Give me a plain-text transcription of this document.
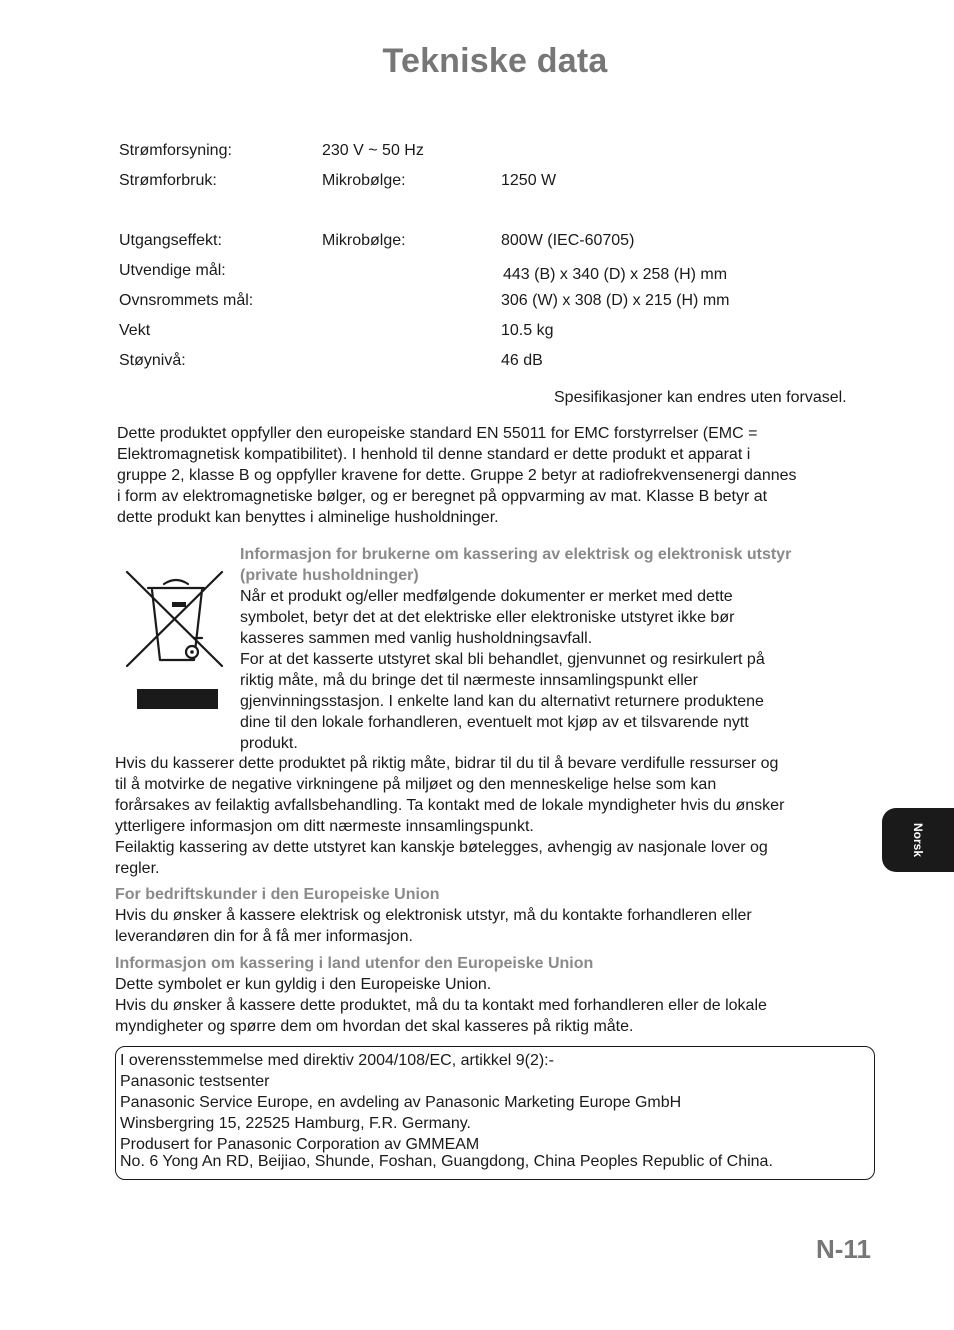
Tekniske data
Strømforsyning:	230 V ~ 50 Hz
Strømforbruk:	Mikrobølge:	1250 W
Utgangseffekt:	Mikrobølge:	800W (IEC-60705)
Utvendige mål:	443 (B) x 340 (D) x 258 (H) mm
Ovnsrommets mål:	306 (W) x 308 (D) x 215 (H) mm
Vekt	10.5 kg
Støynivå:	46 dB
Spesifikasjoner kan endres uten forvasel.
Dette produktet oppfyller den europeiske standard EN 55011 for EMC forstyrrelser (EMC =
Elektromagnetisk kompatibilitet). I henhold til denne standard er dette produkt et apparat i
gruppe 2, klasse B og oppfyller kravene for dette. Gruppe 2 betyr at radiofrekvensenergi dannes
i form av elektromagnetiske bølger, og er beregnet på oppvarming av mat. Klasse B betyr at
dette produkt kan benyttes i alminelige husholdninger.
Informasjon for brukerne om kassering av elektrisk og elektronisk utstyr
(private husholdninger)
Når et produkt og/eller medfølgende dokumenter er merket med dette
symbolet, betyr det at det elektriske eller elektroniske utstyret ikke bør
kasseres sammen med vanlig husholdningsavfall.
For at det kasserte utstyret skal bli behandlet, gjenvunnet og resirkulert på
riktig måte, må du bringe det til nærmeste innsamlingspunkt eller
gjenvinningsstasjon. I enkelte land kan du alternativt returnere produktene
dine til den lokale forhandleren, eventuelt mot kjøp av et tilsvarende nytt
produkt.
Hvis du kasserer dette produktet på riktig måte, bidrar til du til å bevare verdifulle ressurser og
til å motvirke de negative virkningene på miljøet og den menneskelige helse som kan
forårsakes av feilaktig avfallsbehandling. Ta kontakt med de lokale myndigheter hvis du ønsker
ytterligere informasjon om ditt nærmeste innsamlingspunkt.
Feilaktig kassering av dette utstyret kan kanskje bøtelegges, avhengig av nasjonale lover og
regler.
For bedriftskunder i den Europeiske Union
Hvis du ønsker å kassere elektrisk og elektronisk utstyr, må du kontakte forhandleren eller
leverandøren din for å få mer informasjon.
Informasjon om kassering i land utenfor den Europeiske Union
Dette symbolet er kun gyldig i den Europeiske Union.
Hvis du ønsker å kassere dette produktet, må du ta kontakt med forhandleren eller de lokale
myndigheter og spørre dem om hvordan det skal kasseres på riktig måte.
I overensstemmelse med direktiv 2004/108/EC, artikkel 9(2):-
Panasonic testsenter
Panasonic Service Europe, en avdeling av Panasonic Marketing Europe GmbH
Winsbergring 15, 22525 Hamburg, F.R. Germany.
Produsert for Panasonic Corporation av GMMEAM
No. 6 Yong An RD, Beijiao, Shunde, Foshan, Guangdong, China Peoples Republic of China.
Norsk
N-11
